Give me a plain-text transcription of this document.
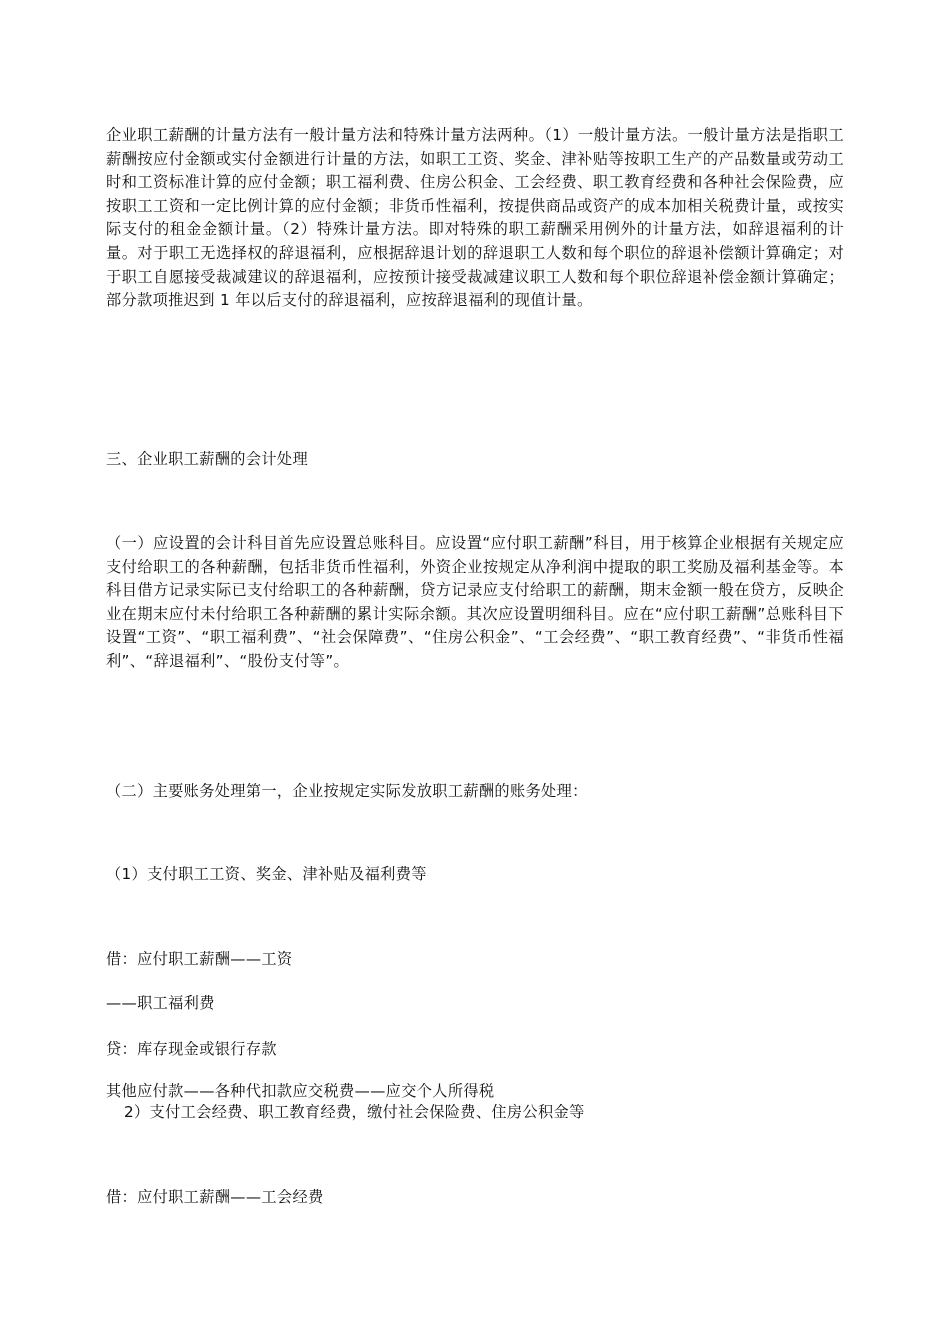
企业职工薪酬的计量方法有一般计量方法和特殊计量方法两种。（1）一般计量方法。一般计量方法是指职工薪酬按应付金额或实付金额进行计量的方法，如职工工资、奖金、津补贴等按职工生产的产品数量或劳动工时和工资标准计算的应付金额；职工福利费、住房公积金、工会经费、职工教育经费和各种社会保险费，应按职工工资和一定比例计算的应付金额；非货币性福利，按提供商品或资产的成本加相关税费计量，或按实际支付的租金金额计量。（2）特殊计量方法。即对特殊的职工薪酬采用例外的计量方法，如辞退福利的计量。对于职工无选择权的辞退福利，应根据辞退计划的辞退职工人数和每个职位的辞退补偿额计算确定；对于职工自愿接受裁减建议的辞退福利，应按预计接受裁减建议职工人数和每个职位辞退补偿金额计算确定；部分款项推迟到 1 年以后支付的辞退福利，应按辞退福利的现值计量。

三、企业职工薪酬的会计处理

（一）应设置的会计科目首先应设置总账科目。应设置“应付职工薪酬”科目，用于核算企业根据有关规定应支付给职工的各种薪酬，包括非货币性福利，外资企业按规定从净利润中提取的职工奖励及福利基金等。本科目借方记录实际已支付给职工的各种薪酬，贷方记录应支付给职工的薪酬，期末金额一般在贷方，反映企业在期末应付未付给职工各种薪酬的累计实际余额。其次应设置明细科目。应在“应付职工薪酬”总账科目下设置“工资”、“职工福利费”、“社会保障费”、“住房公积金”、“工会经费”、“职工教育经费”、“非货币性福利”、“辞退福利”、“股份支付等”。

（二）主要账务处理第一，企业按规定实际发放职工薪酬的账务处理：

（1）支付职工工资、奖金、津补贴及福利费等

借：应付职工薪酬——工资

——职工福利费

贷：库存现金或银行存款

其他应付款——各种代扣款应交税费——应交个人所得税

2）支付工会经费、职工教育经费，缴付社会保险费、住房公积金等

借：应付职工薪酬——工会经费
